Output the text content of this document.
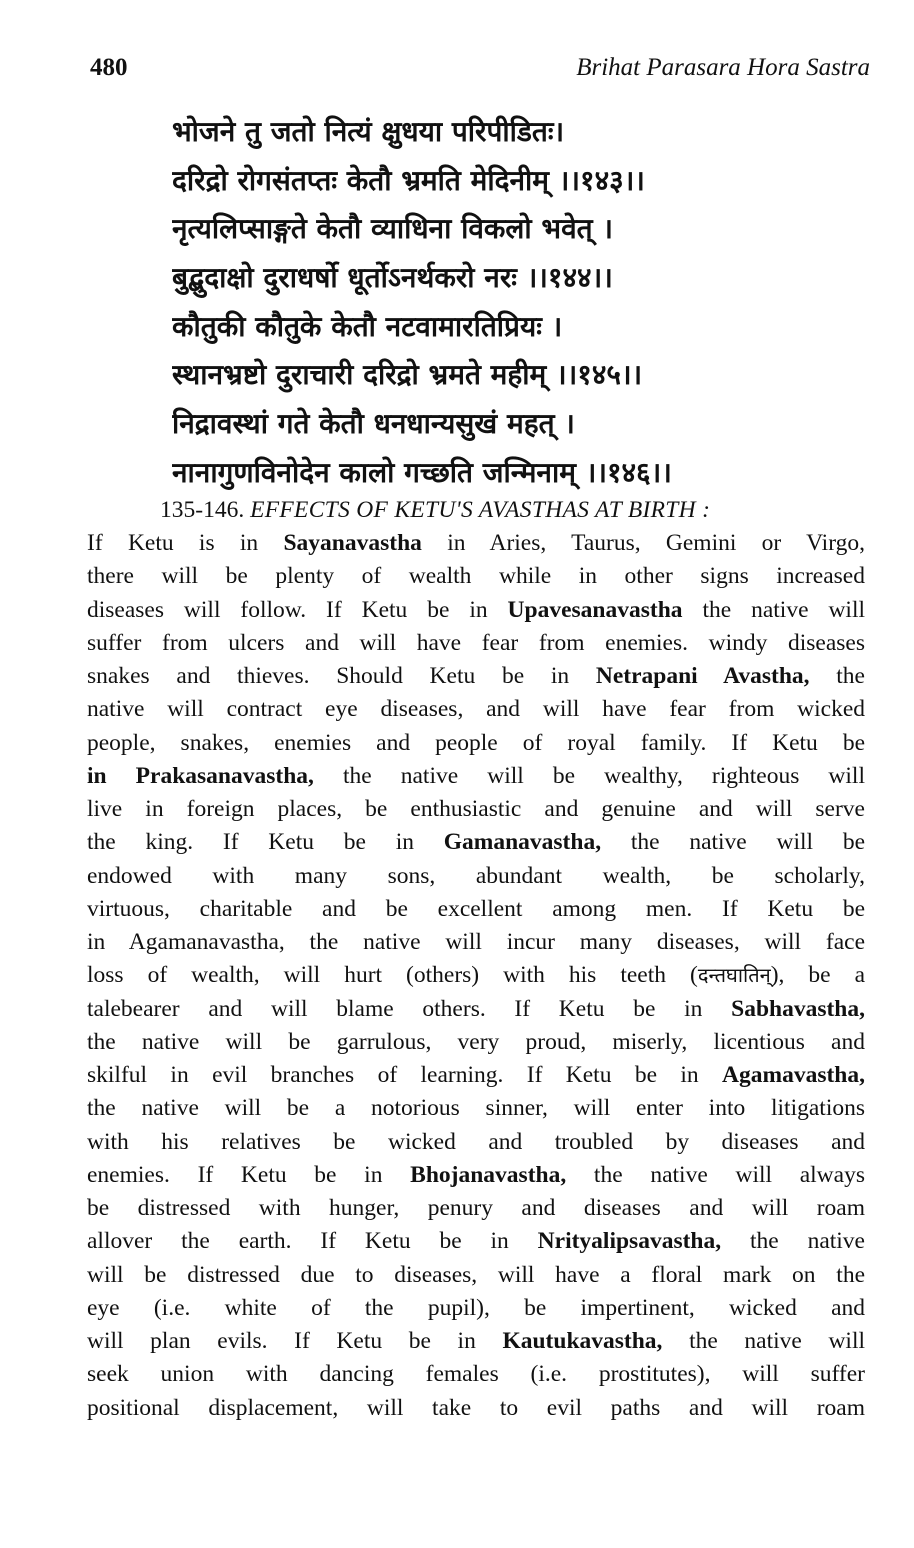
480	Brihat Parasara Hora Sastra
भोजने तु जतो नित्यं क्षुधया परिपीडितः।
दरिद्रो रोगसंतप्तः केतौ भ्रमति मेदिनीम् ।।१४३।।
नृत्यलिप्साङ्गते केतौ व्याधिना विकलो भवेत् ।
बुद्बुदाक्षो दुराधर्षो धूर्तोऽनर्थकरो नरः ।।१४४।।
कौतुकी कौतुके केतौ नटवामारतिप्रियः ।
स्थानभ्रष्टो दुराचारी दरिद्रो भ्रमते महीम् ।।१४५।।
निद्रावस्थां गते केतौ धनधान्यसुखं महत् ।
नानागुणविनोदेन कालो गच्छति जन्मिनाम् ।।१४६।।
135-146. EFFECTS OF KETU'S AVASTHAS AT BIRTH :
If Ketu is in Sayanavastha in Aries, Taurus, Gemini or Virgo,
there will be plenty of wealth while in other signs increased
diseases will follow. If Ketu be in Upavesanavastha the native will
suffer from ulcers and will have fear from enemies. windy diseases
snakes and thieves. Should Ketu be in Netrapani Avastha, the
native will contract eye diseases, and will have fear from wicked
people, snakes, enemies and people of royal family. If Ketu be
in Prakasanavastha, the native will be wealthy, righteous will
live in foreign places, be enthusiastic and genuine and will serve
the king. If Ketu be in Gamanavastha, the native will be
endowed with many sons, abundant wealth, be scholarly,
virtuous, charitable and be excellent among men. If Ketu be
in Agamanavastha, the native will incur many diseases, will face
loss of wealth, will hurt (others) with his teeth (दन्तघातिन्), be a
talebearer and will blame others. If Ketu be in Sabhavastha,
the native will be garrulous, very proud, miserly, licentious and
skilful in evil branches of learning. If Ketu be in Agamavastha,
the native will be a notorious sinner, will enter into litigations
with his relatives be wicked and troubled by diseases and
enemies. If Ketu be in Bhojanavastha, the native will always
be distressed with hunger, penury and diseases and will roam
allover the earth. If Ketu be in Nrityalipsavastha, the native
will be distressed due to diseases, will have a floral mark on the
eye (i.e. white of the pupil), be impertinent, wicked and
will plan evils. If Ketu be in Kautukavastha, the native will
seek union with dancing females (i.e. prostitutes), will suffer
positional displacement, will take to evil paths and will roam
